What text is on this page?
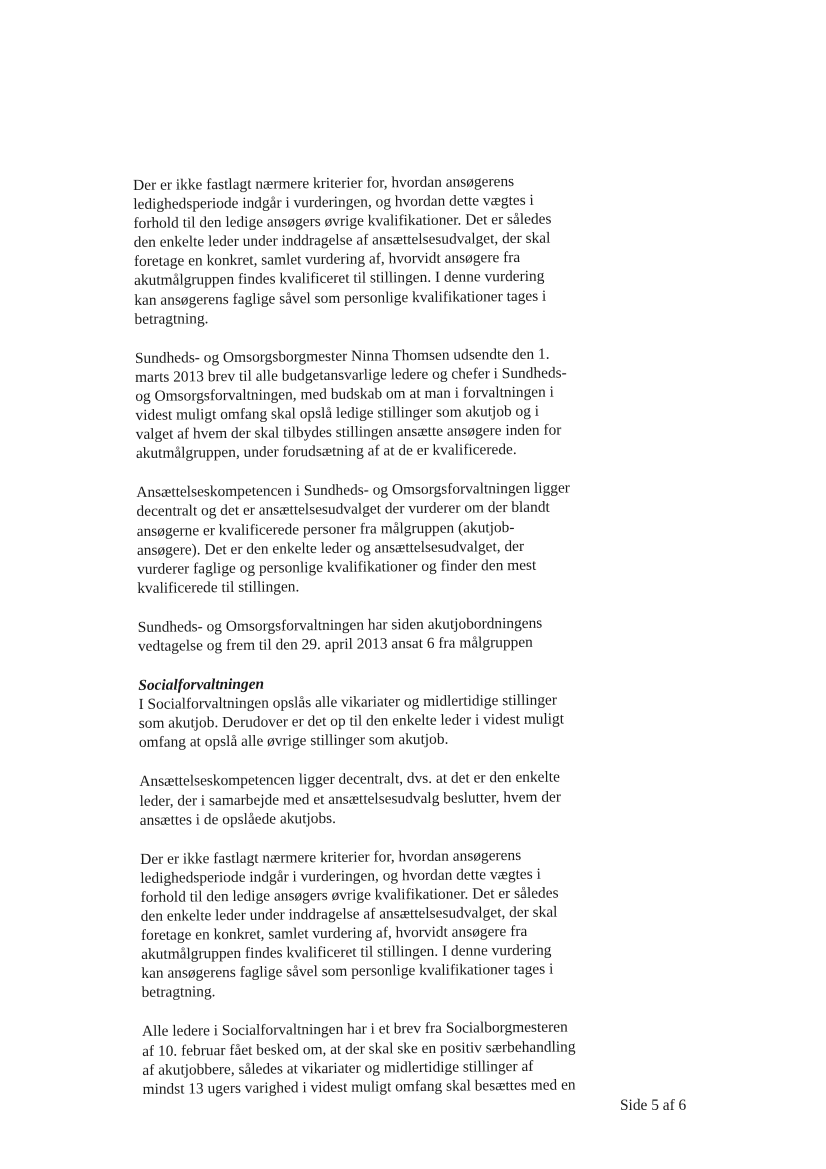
Der er ikke fastlagt nærmere kriterier for, hvordan ansøgerens
ledighedsperiode indgår i vurderingen, og hvordan dette vægtes i
forhold til den ledige ansøgers øvrige kvalifikationer. Det er således
den enkelte leder under inddragelse af ansættelsesudvalget, der skal
foretage en konkret, samlet vurdering af, hvorvidt ansøgere fra
akutmålgruppen findes kvalificeret til stillingen. I denne vurdering
kan ansøgerens faglige såvel som personlige kvalifikationer tages i
betragtning.

Sundheds- og Omsorgsborgmester Ninna Thomsen udsendte den 1.
marts 2013 brev til alle budgetansvarlige ledere og chefer i Sundheds-
og Omsorgsforvaltningen, med budskab om at man i forvaltningen i
videst muligt omfang skal opslå ledige stillinger som akutjob og i
valget af hvem der skal tilbydes stillingen ansætte ansøgere inden for
akutmålgruppen, under forudsætning af at de er kvalificerede.

Ansættelseskompetencen i Sundheds- og Omsorgsforvaltningen ligger
decentralt og det er ansættelsesudvalget der vurderer om der blandt
ansøgerne er kvalificerede personer fra målgruppen (akutjob-
ansøgere). Det er den enkelte leder og ansættelsesudvalget, der
vurderer faglige og personlige kvalifikationer og finder den mest
kvalificerede til stillingen.

Sundheds- og Omsorgsforvaltningen har siden akutjobordningens
vedtagelse og frem til den 29. april 2013 ansat 6 fra målgruppen

Socialforvaltningen

I Socialforvaltningen opslås alle vikariater og midlertidige stillinger
som akutjob. Derudover er det op til den enkelte leder i videst muligt
omfang at opslå alle øvrige stillinger som akutjob.

Ansættelseskompetencen ligger decentralt, dvs. at det er den enkelte
leder, der i samarbejde med et ansættelsesudvalg beslutter, hvem der
ansættes i de opslåede akutjobs.

Der er ikke fastlagt nærmere kriterier for, hvordan ansøgerens
ledighedsperiode indgår i vurderingen, og hvordan dette vægtes i
forhold til den ledige ansøgers øvrige kvalifikationer. Det er således
den enkelte leder under inddragelse af ansættelsesudvalget, der skal
foretage en konkret, samlet vurdering af, hvorvidt ansøgere fra
akutmålgruppen findes kvalificeret til stillingen. I denne vurdering
kan ansøgerens faglige såvel som personlige kvalifikationer tages i
betragtning.

Alle ledere i Socialforvaltningen har i et brev fra Socialborgmesteren
af 10. februar fået besked om, at der skal ske en positiv særbehandling
af akutjobbere, således at vikariater og midlertidige stillinger af
mindst 13 ugers varighed i videst muligt omfang skal besættes med en

Side 5 af 6
